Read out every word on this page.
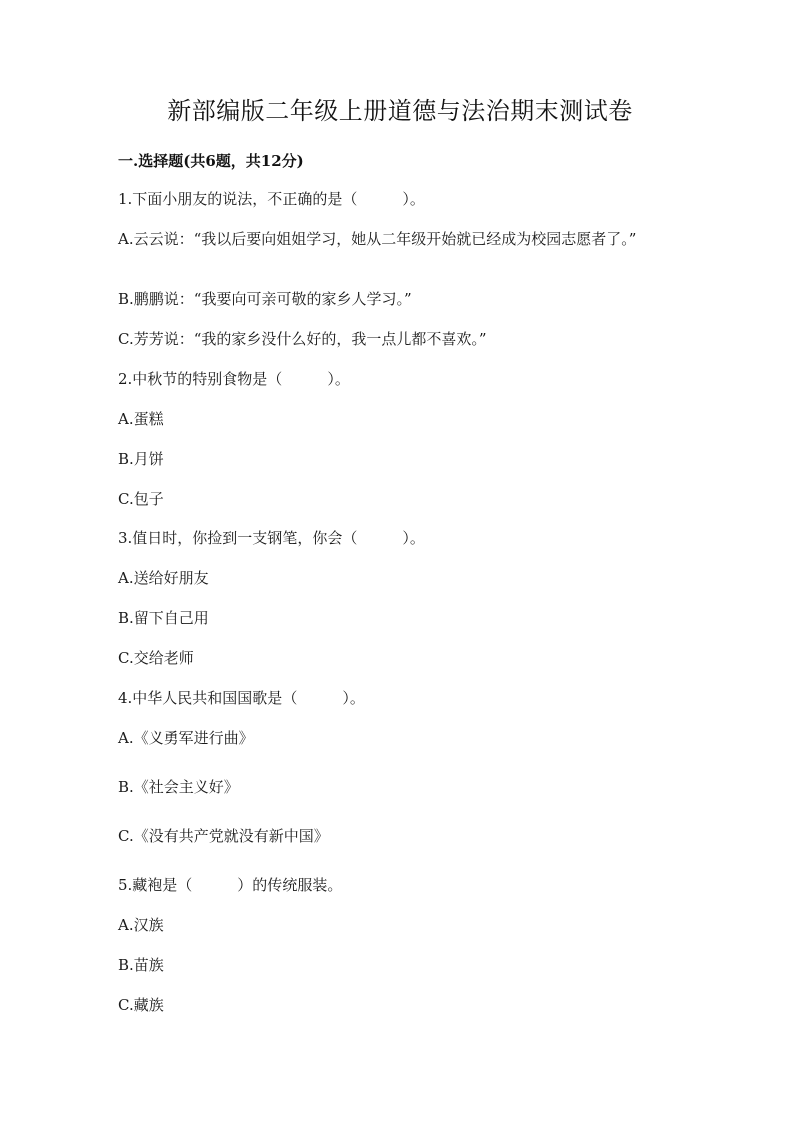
新部编版二年级上册道德与法治期末测试卷
一.选择题(共6题，共12分)
1.下面小朋友的说法，不正确的是（　　　）。
A.云云说：“我以后要向姐姐学习，她从二年级开始就已经成为校园志愿者了。”
B.鹏鹏说：“我要向可亲可敬的家乡人学习。”
C.芳芳说：“我的家乡没什么好的，我一点儿都不喜欢。”
2.中秋节的特别食物是（　　　）。
A.蛋糕
B.月饼
C.包子
3.值日时，你捡到一支钢笔，你会（　　　）。
A.送给好朋友
B.留下自己用
C.交给老师
4.中华人民共和国国歌是（　　　）。
A.《义勇军进行曲》
B.《社会主义好》
C.《没有共产党就没有新中国》
5.藏袍是（　　　）的传统服装。
A.汉族
B.苗族
C.藏族
